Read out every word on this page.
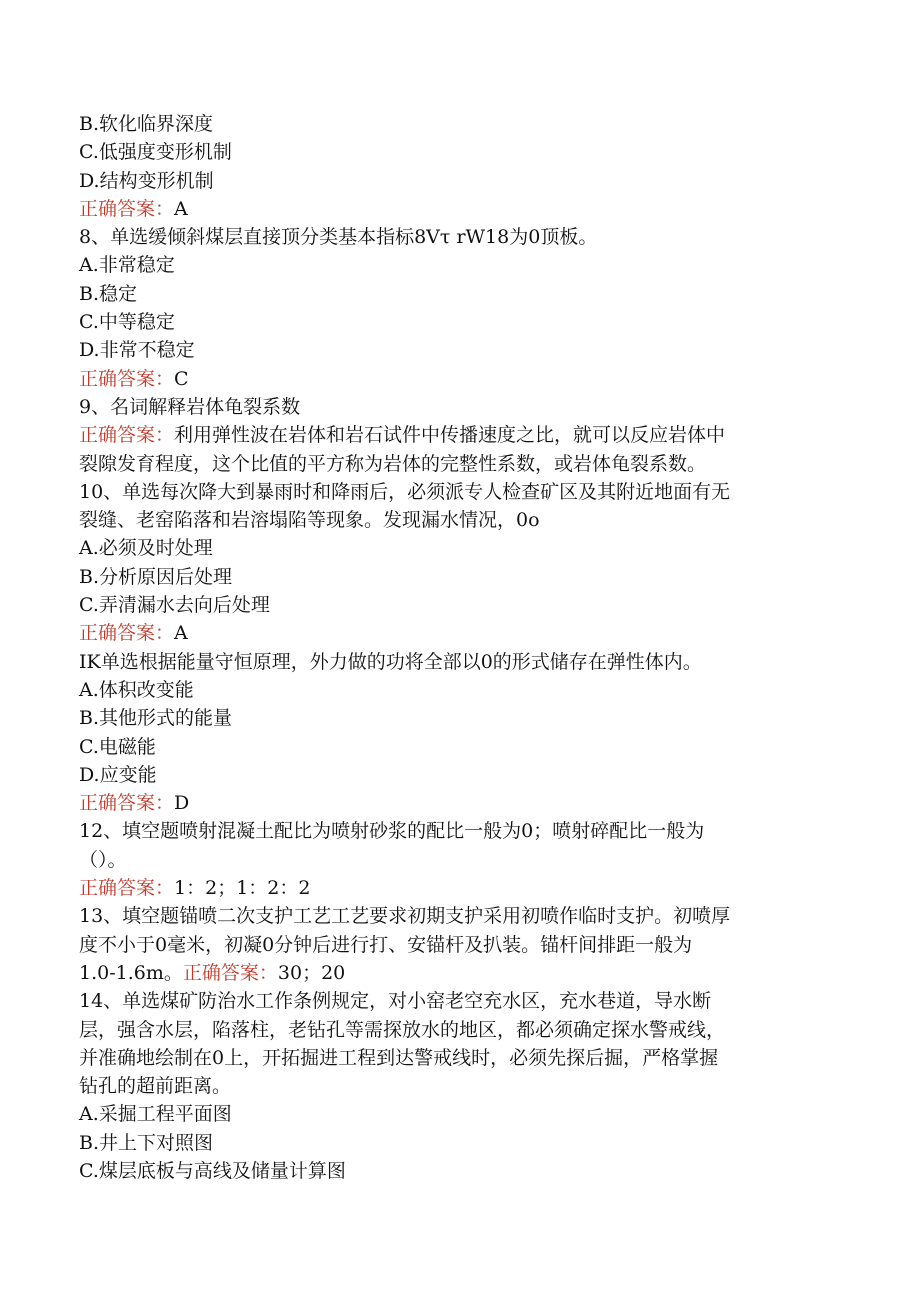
B.软化临界深度
C.低强度变形机制
D.结构变形机制
正确答案：A
8、单选缓倾斜煤层直接顶分类基本指标8Vτ rW18为0顶板。
A.非常稳定
B.稳定
C.中等稳定
D.非常不稳定
正确答案：C
9、名词解释岩体龟裂系数
正确答案：利用弹性波在岩体和岩石试件中传播速度之比，就可以反应岩体中
裂隙发育程度，这个比值的平方称为岩体的完整性系数，或岩体龟裂系数。
10、单选每次降大到暴雨时和降雨后，必须派专人检查矿区及其附近地面有无
裂缝、老窑陷落和岩溶塌陷等现象。发现漏水情况，0o
A.必须及时处理
B.分析原因后处理
C.弄清漏水去向后处理
正确答案：A
IK单选根据能量守恒原理，外力做的功将全部以0的形式储存在弹性体内。
A.体积改变能
B.其他形式的能量
C.电磁能
D.应变能
正确答案：D
12、填空题喷射混凝土配比为喷射砂浆的配比一般为0；喷射碎配比一般为
（）。
正确答案：1：2；1：2：2
13、填空题锚喷二次支护工艺工艺要求初期支护采用初喷作临时支护。初喷厚
度不小于0毫米，初凝0分钟后进行打、安锚杆及扒装。锚杆间排距一般为
1.0-1.6m。正确答案：30；20
14、单选煤矿防治水工作条例规定，对小窑老空充水区，充水巷道，导水断
层，强含水层，陷落柱，老钻孔等需探放水的地区，都必须确定探水警戒线，
并准确地绘制在0上，开拓掘进工程到达警戒线时，必须先探后掘，严格掌握
钻孔的超前距离。
A.采掘工程平面图
B.井上下对照图
C.煤层底板与高线及储量计算图
